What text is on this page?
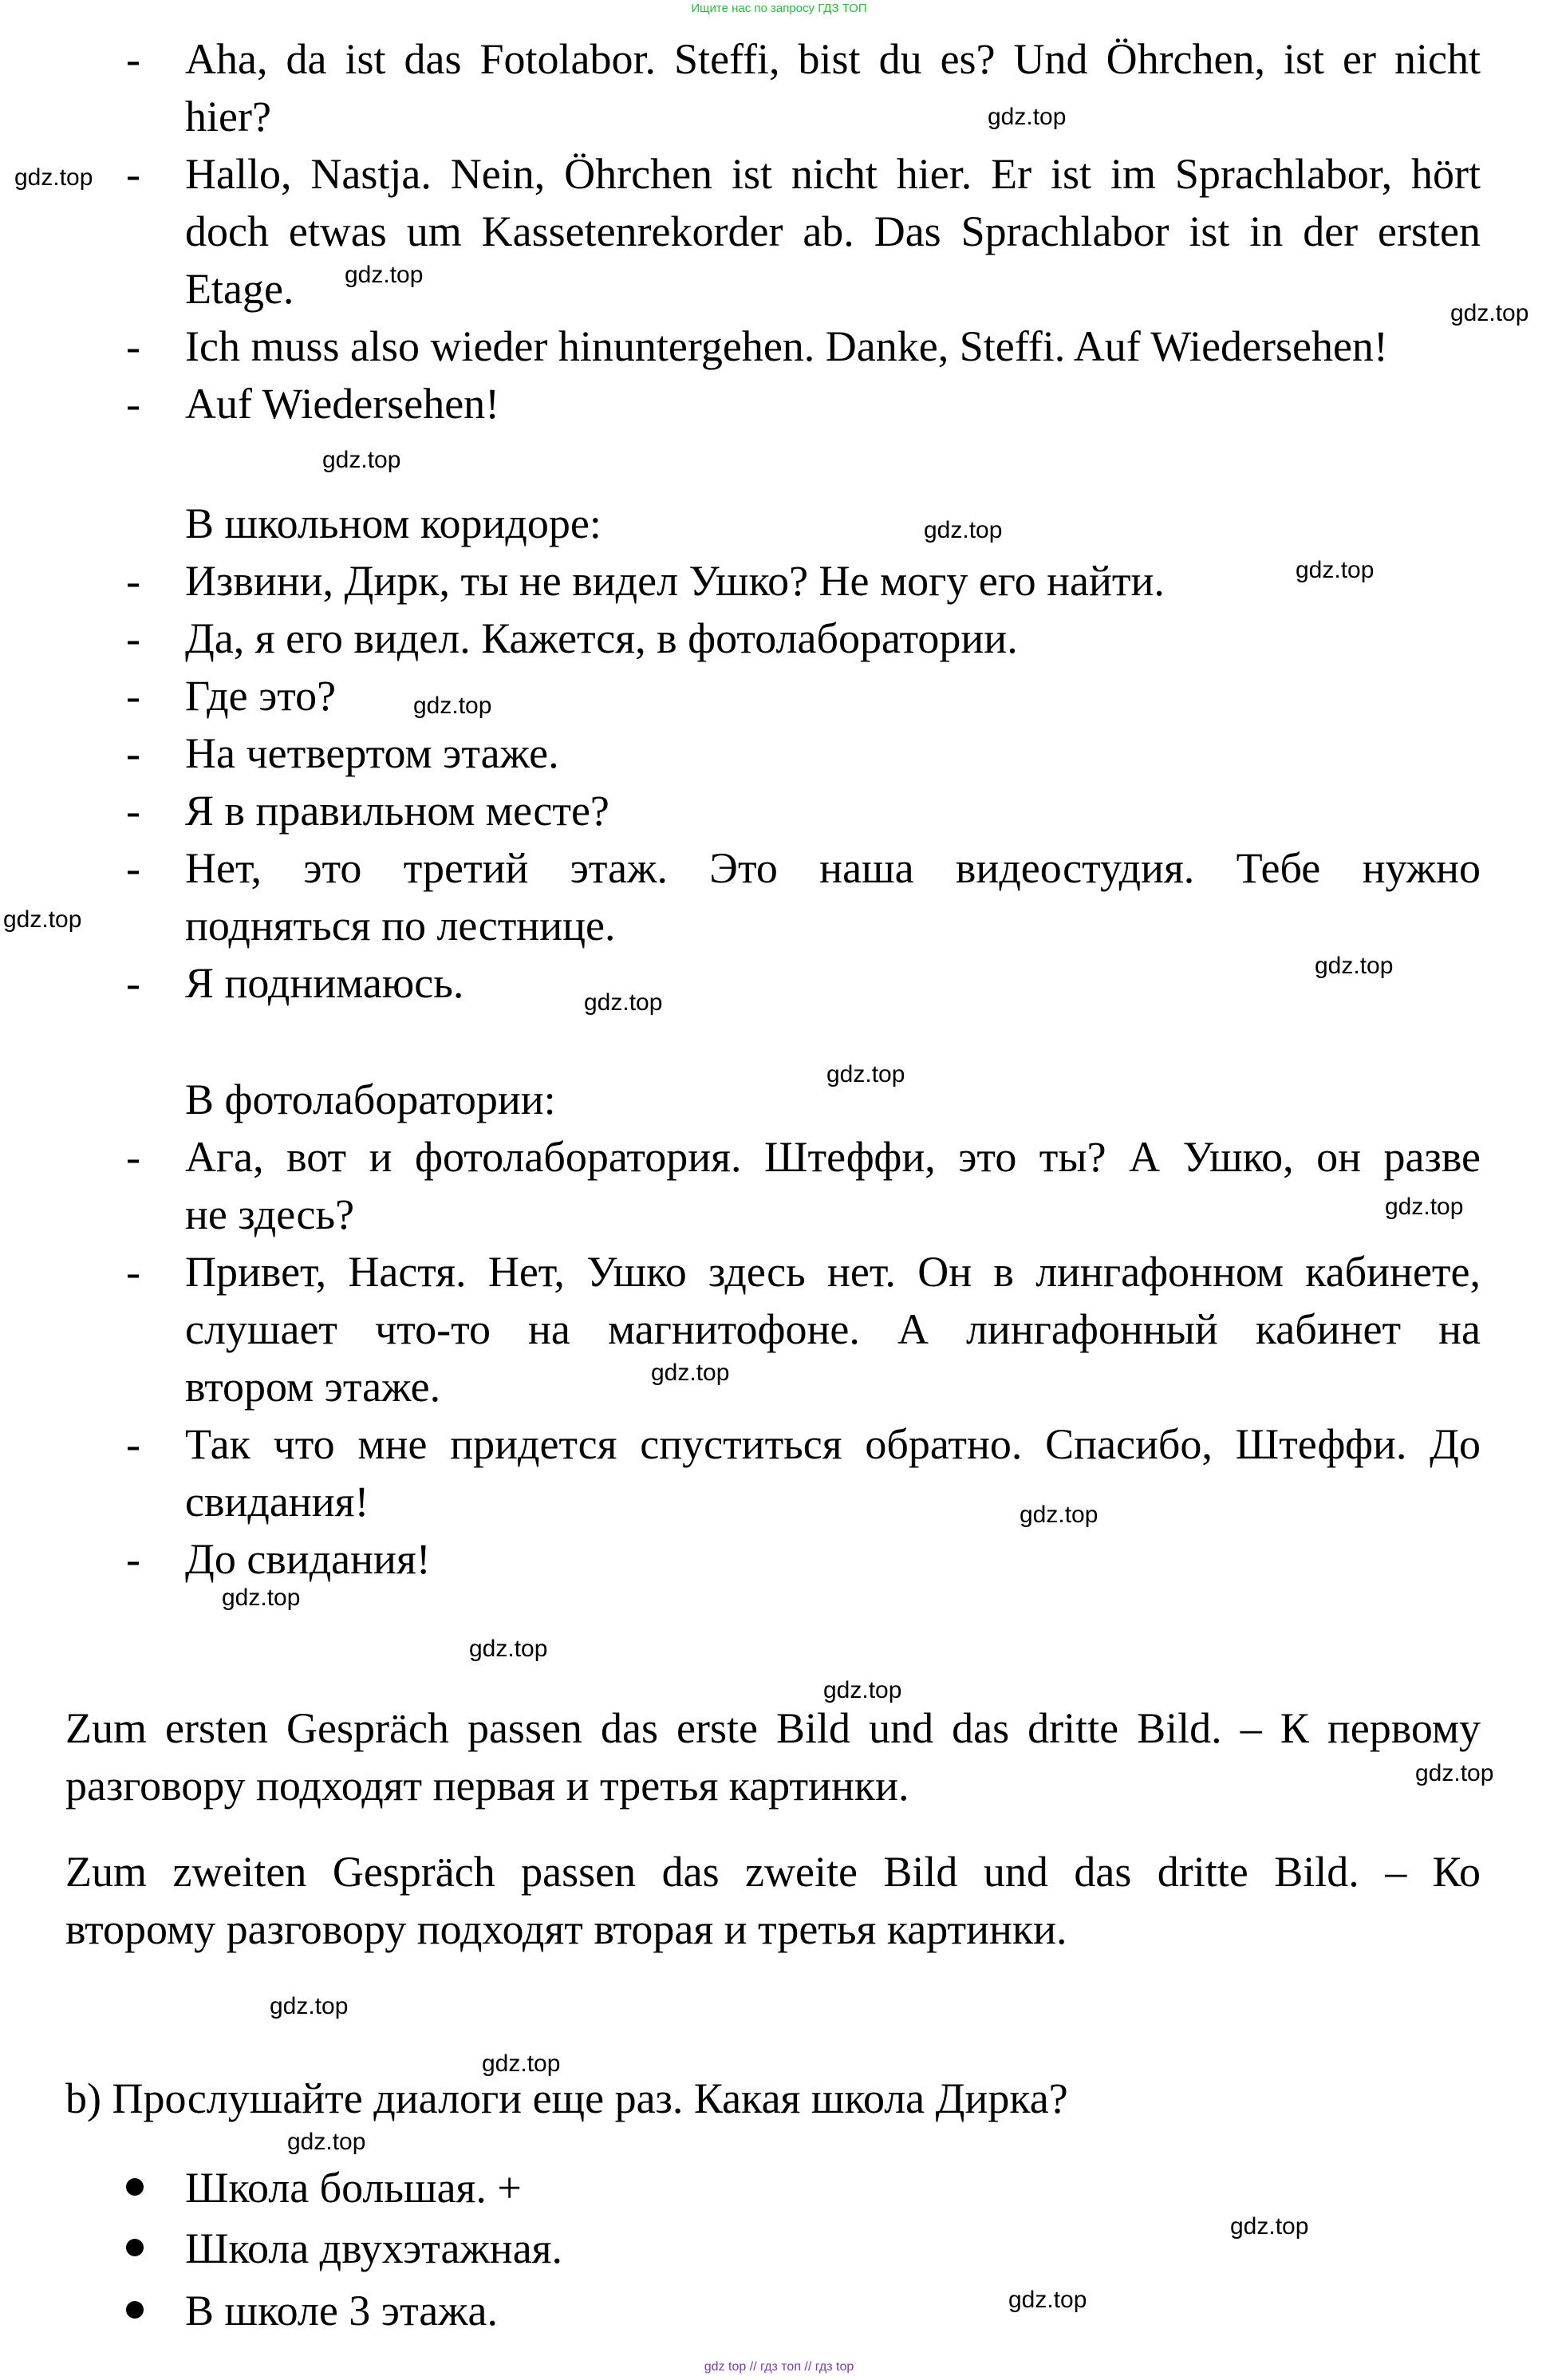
Ищите нас по запросу ГДЗ ТОП
- Aha, da ist das Fotolabor. Steffi, bist du es? Und Öhrchen, ist er nicht
hier?
- Hallo, Nastja. Nein, Öhrchen ist nicht hier. Er ist im Sprachlabor, hört
doch etwas um Kassetenrekorder ab. Das Sprachlabor ist in der ersten
Etage.
- Ich muss also wieder hinuntergehen. Danke, Steffi. Auf Wiedersehen!
- Auf Wiedersehen!
В школьном коридоре:
- Извини, Дирк, ты не видел Ушко? Не могу его найти.
- Да, я его видел. Кажется, в фотолаборатории.
- Где это?
- На четвертом этаже.
- Я в правильном месте?
- Нет, это третий этаж. Это наша видеостудия. Тебе нужно
подняться по лестнице.
- Я поднимаюсь.
В фотолаборатории:
- Ага, вот и фотолаборатория. Штеффи, это ты? А Ушко, он разве
не здесь?
- Привет, Настя. Нет, Ушко здесь нет. Он в лингафонном кабинете,
слушает что-то на магнитофоне. А лингафонный кабинет на
втором этаже.
- Так что мне придется спуститься обратно. Спасибо, Штеффи. До
свидания!
- До свидания!
Zum ersten Gespräch passen das erste Bild und das dritte Bild. – К первому
разговору подходят первая и третья картинки.
Zum zweiten Gespräch passen das zweite Bild und das dritte Bild. – Ко
второму разговору подходят вторая и третья картинки.
b) Прослушайте диалоги еще раз. Какая школа Дирка?
Школа большая. +
Школа двухэтажная.
В школе 3 этажа.
gdz.top
gdz.top
gdz.top
gdz.top
gdz.top
gdz.top
gdz.top
gdz.top
gdz.top
gdz.top
gdz.top
gdz.top
gdz.top
gdz.top
gdz.top
gdz.top
gdz.top
gdz.top
gdz.top
gdz.top
gdz.top
gdz.top
gdz.top
gdz.top
gdz top // гдз топ // гдз top
